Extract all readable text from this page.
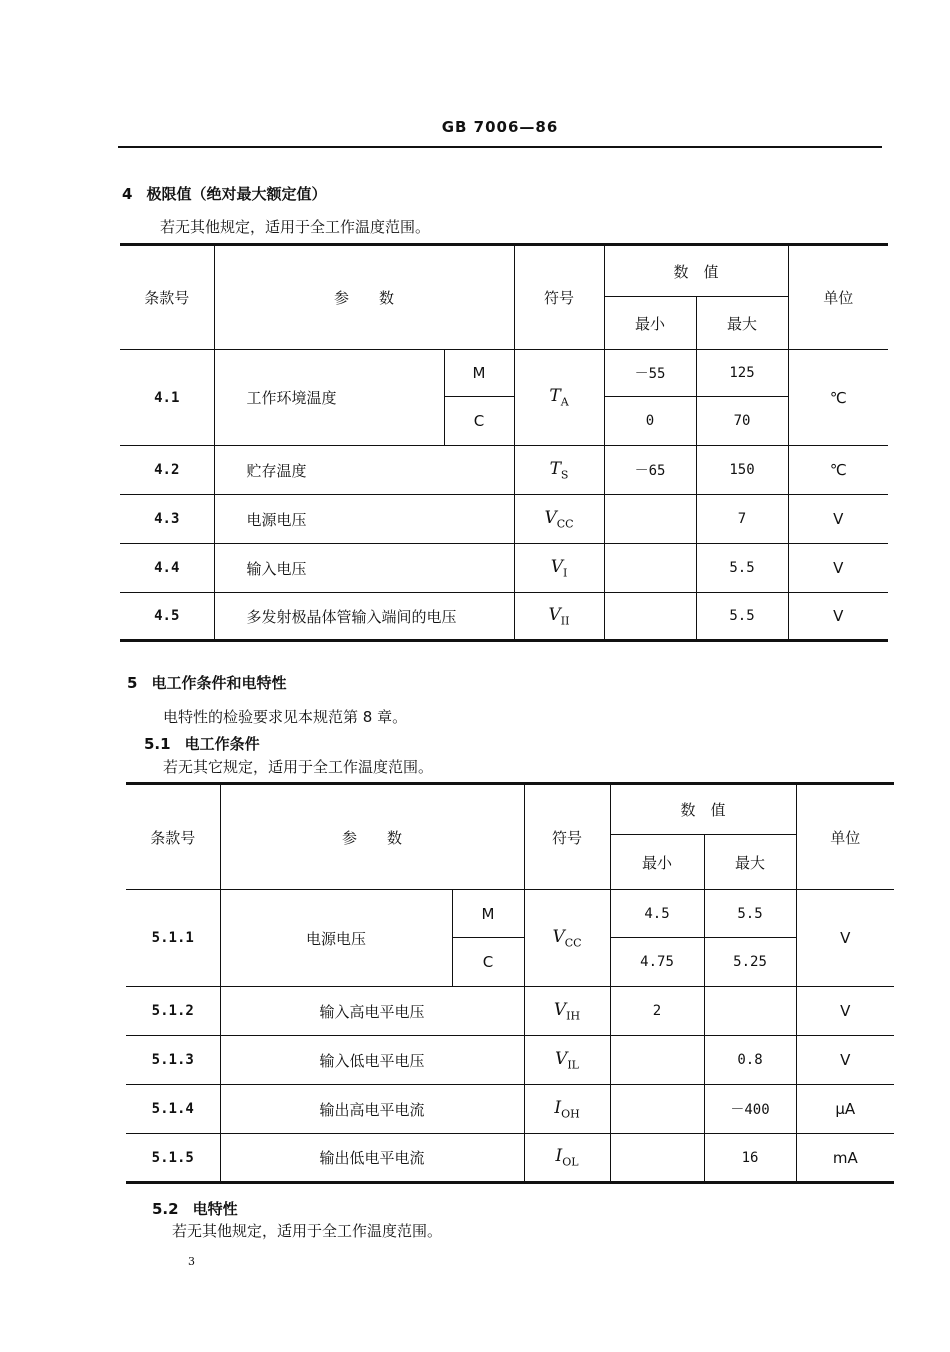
GB 7006—86
4 极限值（绝对最大额定值）
若无其他规定，适用于全工作温度范围。
条款号	参　　数		符号	数　值		单位
				最小	最大	
4.1	工作环境温度	M	$T_A$	－55	125	℃
		C		0	70	
4.2	贮存温度		$T_S$	－65	150	℃
4.3	电源电压		$V_{CC}$		7	V
4.4	输入电压		$V_I$		5.5	V
4.5	多发射极晶体管输入端间的电压		$V_{II}$		5.5	V
5 电工作条件和电特性
电特性的检验要求见本规范第 8 章。
5.1 电工作条件
若无其它规定，适用于全工作温度范围。
条款号	参　　数		符号	数　值		单位
				最小	最大	
5.1.1	电源电压	M	$V_{CC}$	4.5	5.5	V
		C		4.75	5.25	
5.1.2	输入高电平电压		$V_{IH}$	2		V
5.1.3	输入低电平电压		$V_{IL}$		0.8	V
5.1.4	输出高电平电流		$I_{OH}$		－400	μA
5.1.5	输出低电平电流		$I_{OL}$		16	mA
5.2 电特性
若无其他规定，适用于全工作温度范围。
3
